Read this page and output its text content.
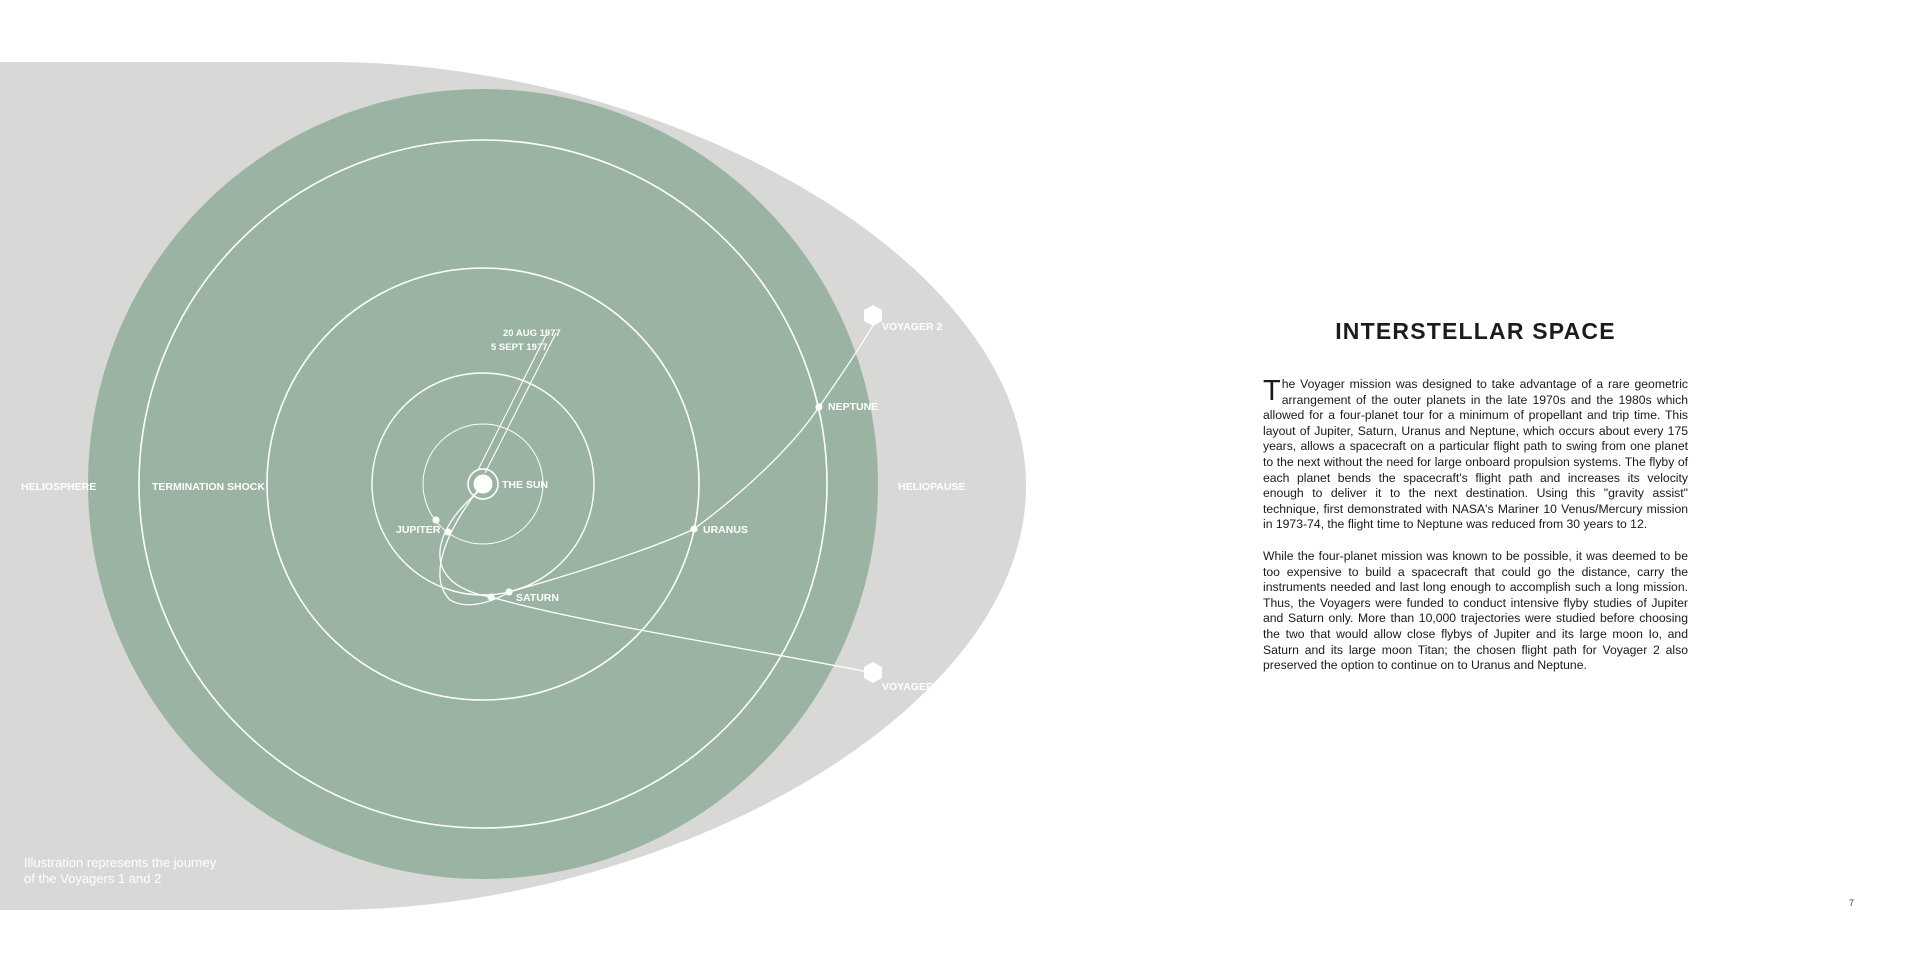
HELIOSPHERE	TERMINATION SHOCK	HELIOPAUSE
THE SUN
JUPITER
SATURN
URANUS
NEPTUNE
VOYAGER 2
VOYAGER 1
20 AUG 1977
5 SEPT 1977
Illustration represents the journey
of the Voyagers 1 and 2
INTERSTELLAR SPACE

The Voyager mission was designed to take advantage of a rare geometric arrangement of the outer planets in the late 1970s and the 1980s which allowed for a four-planet tour for a minimum of propellant and trip time. This layout of Jupiter, Saturn, Uranus and Neptune, which occurs about every 175 years, allows a spacecraft on a particular flight path to swing from one planet to the next without the need for large onboard propulsion systems. The flyby of each planet bends the spacecraft's flight path and increases its velocity enough to deliver it to the next destination. Using this "gravity assist" technique, first demonstrated with NASA's Mariner 10 Venus/Mercury mission in 1973-74, the flight time to Neptune was reduced from 30 years to 12.

While the four-planet mission was known to be possible, it was deemed to be too expensive to build a spacecraft that could go the distance, carry the instruments needed and last long enough to accomplish such a long mission. Thus, the Voyagers were funded to conduct intensive flyby studies of Jupiter and Saturn only. More than 10,000 trajectories were studied before choosing the two that would allow close flybys of Jupiter and its large moon Io, and Saturn and its large moon Titan; the chosen flight path for Voyager 2 also preserved the option to continue on to Uranus and Neptune.

7
